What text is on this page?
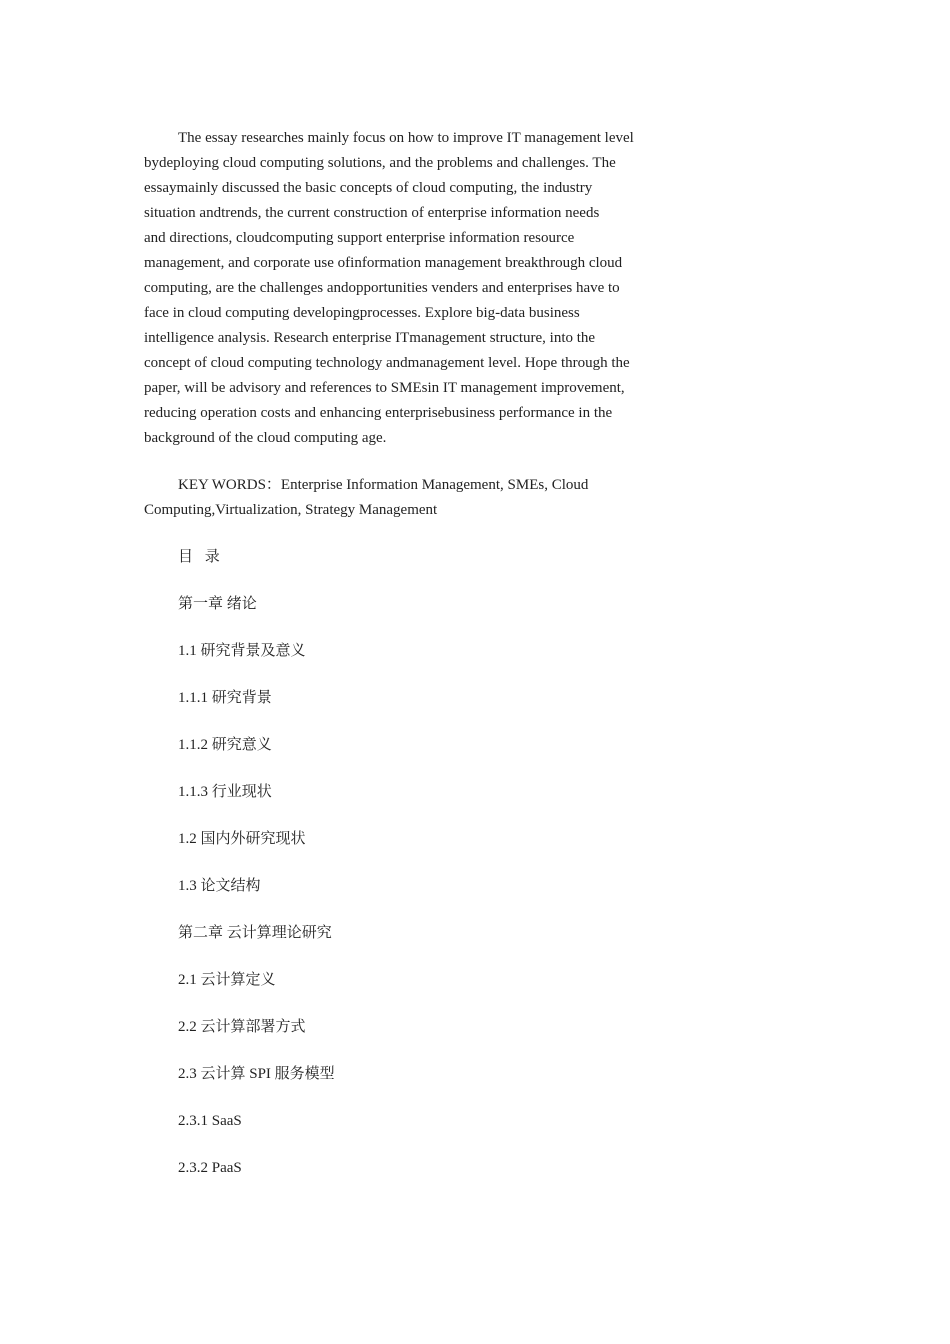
The essay researches mainly focus on how to improve IT management level
bydeploying cloud computing solutions, and the problems and challenges. The
essaymainly discussed the basic concepts of cloud computing, the industry
situation andtrends, the current construction of enterprise information needs
and directions, cloudcomputing support enterprise information resource
management, and corporate use ofinformation management breakthrough cloud
computing, are the challenges andopportunities venders and enterprises have to
face in cloud computing developingprocesses. Explore big-data business
intelligence analysis. Research enterprise ITmanagement structure, into the
concept of cloud computing technology andmanagement level. Hope through the
paper, will be advisory and references to SMEsin IT management improvement,
reducing operation costs and enhancing enterprisebusiness performance in the
background of the cloud computing age.

KEY WORDS：Enterprise Information Management, SMEs, Cloud
Computing,Virtualization, Strategy Management

目 录
第一章 绪论
1.1 研究背景及意义
1.1.1 研究背景
1.1.2 研究意义
1.1.3 行业现状
1.2 国内外研究现状
1.3 论文结构
第二章 云计算理论研究
2.1 云计算定义
2.2 云计算部署方式
2.3 云计算 SPI 服务模型
2.3.1 SaaS
2.3.2 PaaS
